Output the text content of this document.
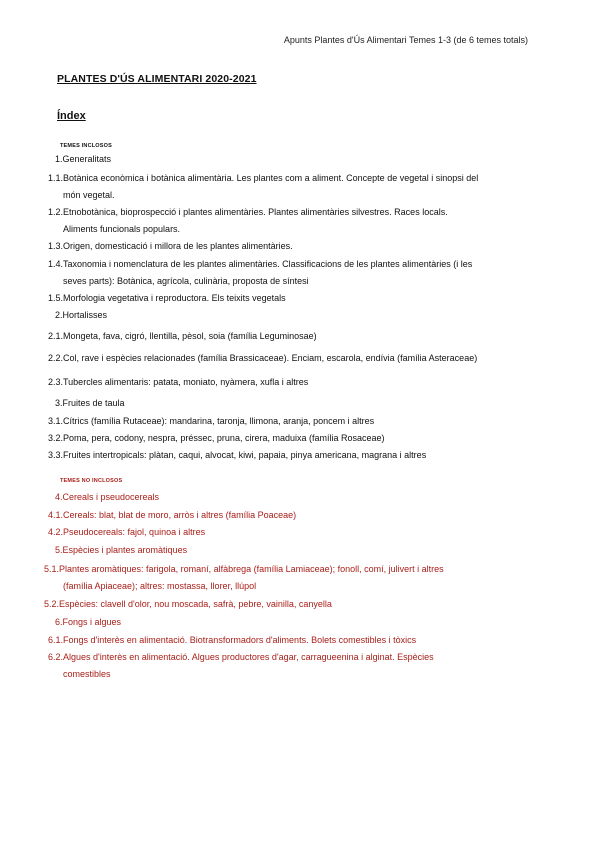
Apunts Plantes d'Ús Alimentari Temes 1-3 (de 6 temes totals)
PLANTES D'ÚS ALIMENTARI 2020-2021
Índex
TEMES INCLOSOS
1.Generalitats
1.1.Botànica econòmica i botànica alimentària. Les plantes com a aliment. Concepte de vegetal i sinopsi del
món vegetal.
1.2.Etnobotànica, bioprospecció i plantes alimentàries. Plantes alimentàries silvestres. Races locals.
Aliments funcionals populars.
1.3.Origen, domesticació i millora de les plantes alimentàries.
1.4.Taxonomia i nomenclatura de les plantes alimentàries. Classificacions de les plantes alimentàries (i les
seves parts): Botànica, agrícola, culinària, proposta de síntesi
1.5.Morfologia vegetativa i reproductora. Els teixits vegetals
2.Hortalisses
2.1.Mongeta, fava, cigró, llentilla, pèsol, soia (família Leguminosae)
2.2.Col, rave i espècies relacionades (família Brassicaceae). Enciam, escarola, endívia (família Asteraceae)
2.3.Tubercles alimentaris: patata, moniato, nyàmera, xufla i altres
3.Fruites de taula
3.1.Cítrics (família Rutaceae): mandarina, taronja, llimona, aranja, poncem i altres
3.2.Poma, pera, codony, nespra, préssec, pruna, cirera, maduixa (família Rosaceae)
3.3.Fruites intertropicals: plàtan, caqui, alvocat, kiwi, papaia, pinya americana, magrana i altres
TEMES NO INCLOSOS
4.Cereals i pseudocereals
4.1.Cereals: blat, blat de moro, arròs i altres (família Poaceae)
4.2.Pseudocereals: fajol, quinoa i altres
5.Espècies i plantes aromàtiques
5.1.Plantes aromàtiques: farigola, romaní, alfàbrega (família Lamiaceae); fonoll, comí, julivert i altres
(família Apiaceae); altres: mostassa, llorer, llúpol
5.2.Espècies: clavell d'olor, nou moscada, safrà, pebre, vainilla, canyella
6.Fongs i algues
6.1.Fongs d'interès en alimentació. Biotransformadors d'aliments. Bolets comestibles i tòxics
6.2.Algues d'interès en alimentació. Algues productores d'agar, carragueenina i alginat. Espècies
comestibles
